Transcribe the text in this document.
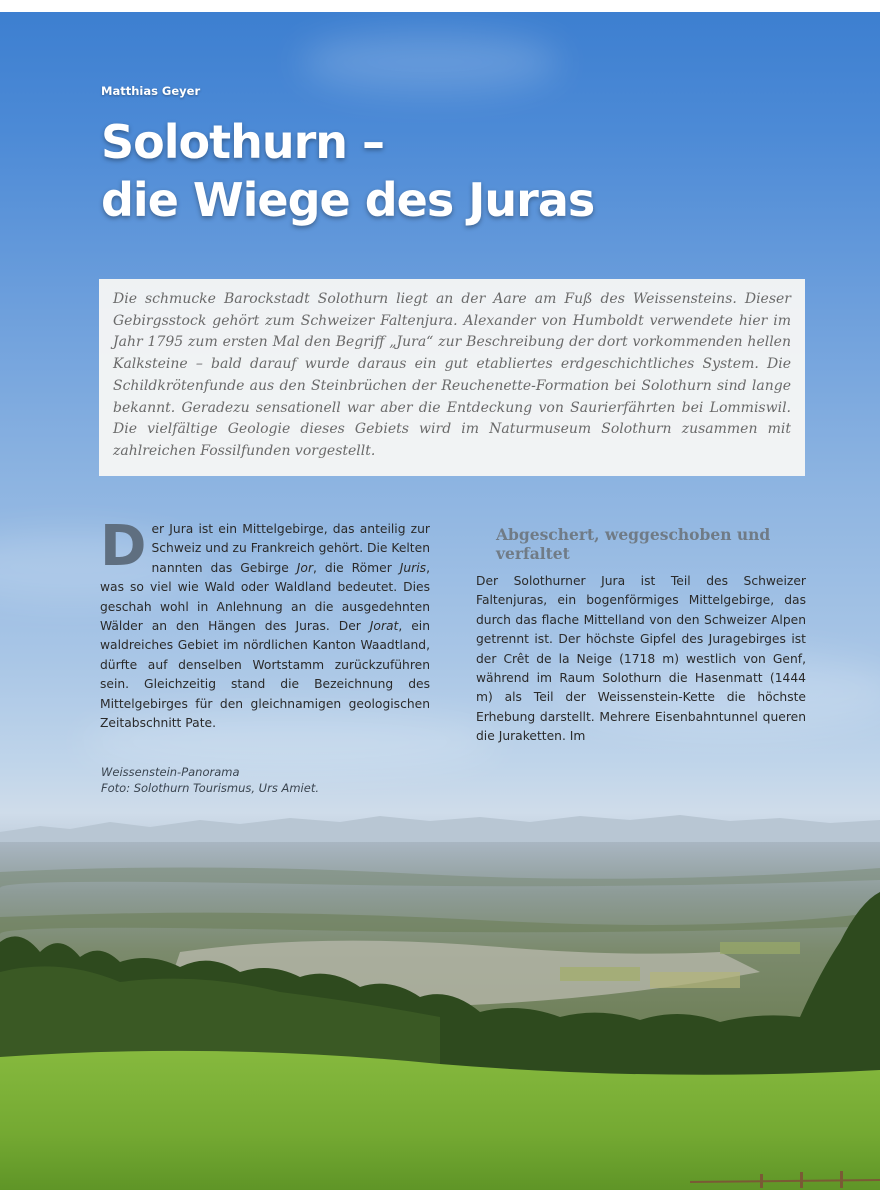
Matthias Geyer

Solothurn –
die Wiege des Juras

Die schmucke Barockstadt Solothurn liegt an der Aare am Fuß des Weissensteins. Dieser Gebirgsstock gehört zum Schweizer Faltenjura. Alexander von Humboldt verwendete hier im Jahr 1795 zum ersten Mal den Begriff „Jura“ zur Beschreibung der dort vorkommenden hellen Kalksteine – bald darauf wurde daraus ein gut etabliertes erdgeschichtliches System. Die Schildkrötenfunde aus den Steinbrüchen der Reuchenette-Formation bei Solothurn sind lange bekannt. Geradezu sensationell war aber die Entdeckung von Saurierfährten bei Lommiswil. Die vielfältige Geologie dieses Gebiets wird im Naturmuseum Solothurn zusammen mit zahlreichen Fossilfunden vorgestellt.

Der Jura ist ein Mittelgebirge, das anteilig zur Schweiz und zu Frankreich gehört. Die Kelten nannten das Gebirge Jor, die Römer Juris, was so viel wie Wald oder Waldland bedeutet. Dies geschah wohl in Anlehnung an die ausgedehnten Wälder an den Hängen des Juras. Der Jorat, ein waldreiches Gebiet im nördlichen Kanton Waadtland, dürfte auf denselben Wortstamm zurückzuführen sein. Gleichzeitig stand die Bezeichnung des Mittelgebirges für den gleichnamigen geologischen Zeitabschnitt Pate.
Abgeschert, weggeschoben und verfaltet

Der Solothurner Jura ist Teil des Schweizer Faltenjuras, ein bogenförmiges Mittelgebirge, das durch das flache Mittelland von den Schweizer Alpen getrennt ist. Der höchste Gipfel des Juragebirges ist der Crêt de la Neige (1718 m) westlich von Genf, während im Raum Solothurn die Hasenmatt (1444 m) als Teil der Weissenstein-Kette die höchste Erhebung darstellt. Mehrere Eisenbahntunnel queren die Juraketten. Im

Weissenstein-Panorama
Foto: Solothurn Tourismus, Urs Amiet.
